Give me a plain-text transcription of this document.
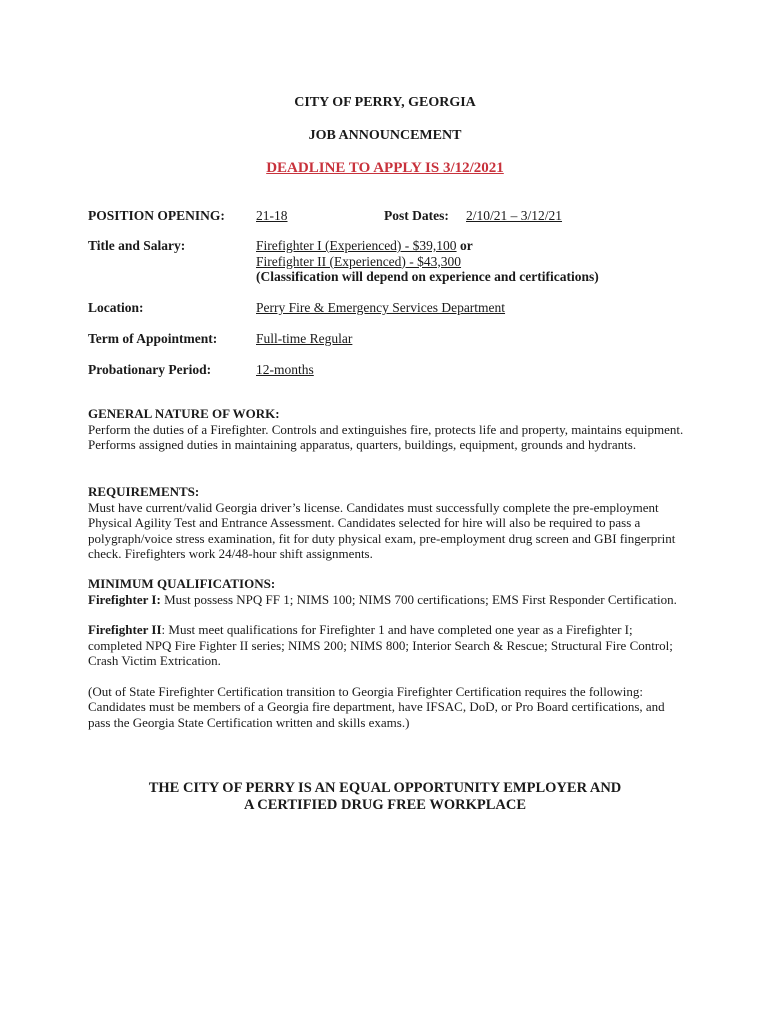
CITY OF PERRY, GEORGIA
JOB ANNOUNCEMENT
DEADLINE TO APPLY IS 3/12/2021
POSITION OPENING: 21-18	Post Dates: 2/10/21 – 3/12/21
Title and Salary:	Firefighter I (Experienced) - $39,100 or
Firefighter II (Experienced) - $43,300
(Classification will depend on experience and certifications)
Location:	Perry Fire & Emergency Services Department
Term of Appointment:	Full-time Regular
Probationary Period:	12-months
GENERAL NATURE OF WORK:

Perform the duties of a Firefighter. Controls and extinguishes fire, protects life and property, maintains equipment. Performs assigned duties in maintaining apparatus, quarters, buildings, equipment, grounds and hydrants.

REQUIREMENTS:

Must have current/valid Georgia driver’s license. Candidates must successfully complete the pre-employment Physical Agility Test and Entrance Assessment. Candidates selected for hire will also be required to pass a polygraph/voice stress examination, fit for duty physical exam, pre-employment drug screen and GBI fingerprint check. Firefighters work 24/48-hour shift assignments.

MINIMUM QUALIFICATIONS:

Firefighter I: Must possess NPQ FF 1; NIMS 100; NIMS 700 certifications; EMS First Responder Certification.

Firefighter II: Must meet qualifications for Firefighter 1 and have completed one year as a Firefighter I; completed NPQ Fire Fighter II series; NIMS 200; NIMS 800; Interior Search & Rescue; Structural Fire Control; Crash Victim Extrication.

(Out of State Firefighter Certification transition to Georgia Firefighter Certification requires the following: Candidates must be members of a Georgia fire department, have IFSAC, DoD, or Pro Board certifications, and pass the Georgia State Certification written and skills exams.)

THE CITY OF PERRY IS AN EQUAL OPPORTUNITY EMPLOYER AND
A CERTIFIED DRUG FREE WORKPLACE
